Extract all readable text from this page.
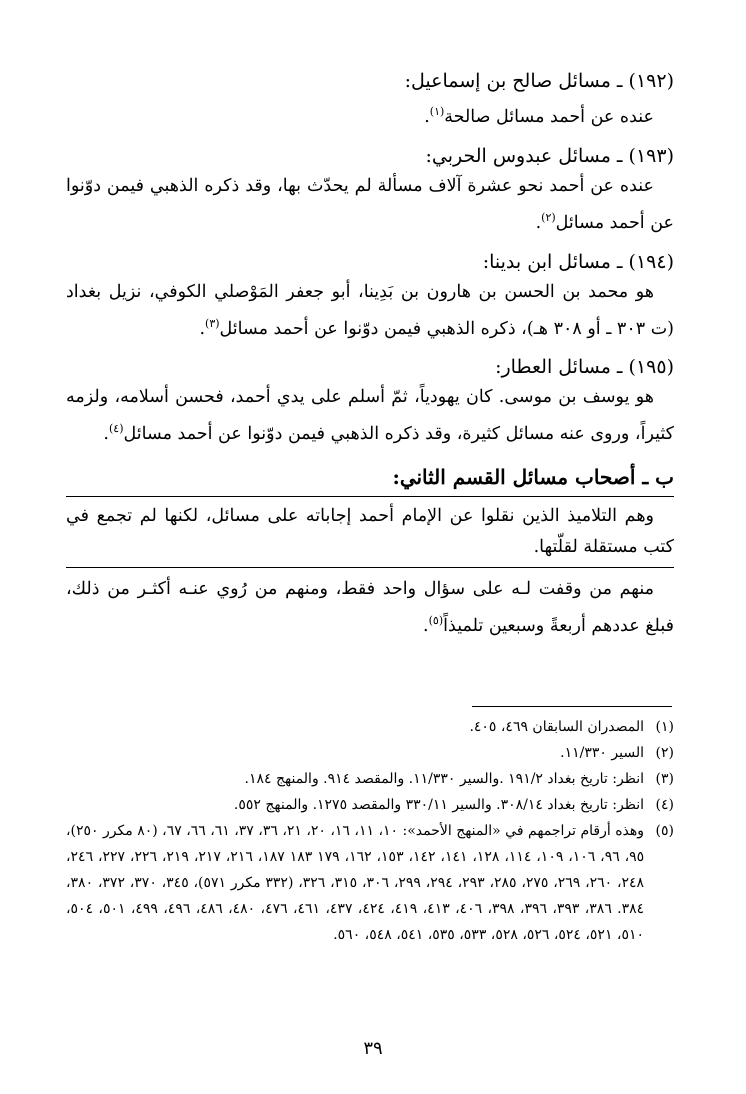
(١٩٢) ـ مسائل صالح بن إسماعيل:
عنده عن أحمد مسائل صالحة$^{(١)}$.
(١٩٣) ـ مسائل عبدوس الحربي:
عنده عن أحمد نحو عشرة آلاف مسألة لم يحدّث بها، وقد ذكره الذهبي فيمن دوّنوا عن أحمد مسائل$^{(٢)}$.
(١٩٤) ـ مسائل ابن بدينا:
هو محمد بن الحسن بن هارون بن بَدِينا، أبو جعفر المَوْصلي الكوفي، نزيل بغداد (ت ٣٠٣ ـ أو ٣٠٨ هـ)، ذكره الذهبي فيمن دوّنوا عن أحمد مسائل$^{(٣)}$.
(١٩٥) ـ مسائل العطار:
هو يوسف بن موسى. كان يهودياً، ثمّ أسلم على يدي أحمد، فحسن أسلامه، ولزمه كثيراً، وروى عنه مسائل كثيرة، وقد ذكره الذهبي فيمن دوّنوا عن أحمد مسائل$^{(٤)}$.
ب ـ أصحاب مسائل القسم الثاني:
وهم التلاميذ الذين نقلوا عن الإمام أحمد إجاباته على مسائل، لكنها لم تجمع في كتب مستقلة لقلّتها.
منهم من وقفت لـه على سؤال واحد فقط، ومنهم من رُوي عنـه أكثـر من ذلك، فبلغ عددهم أربعةً وسبعين تلميذاً$^{(٥)}$.
(١)
المصدران السابقان ٤٦٩، ٤٠٥.
(٢)
السير ١١/٣٣٠.
(٣)
انظر: تاريخ بغداد ١٩١/٢ .والسير ١١/٣٣٠. والمقصد ٩١٤. والمنهج ١٨٤.
(٤)
انظر: تاريخ بغداد ٣٠٨/١٤. والسير ٣٣٠/١١ والمقصد ١٢٧٥. والمنهج ٥٥٢.
(٥)
وهذه أرقام تراجمهم في «المنهج الأحمد»: ١٠، ١١، ١٦، ٢٠، ٢١، ٣٦، ٣٧، ٦١، ٦٦، ٦٧، (٨٠ مكرر ٢٥٠)، ٩٥، ٩٦، ١٠٦، ١٠٩، ١١٤، ١٢٨، ١٤١، ١٤٢، ١٥٣، ١٦٢، ١٧٩ ١٨٣ ١٨٧، ٢١٦، ٢١٧، ٢١٩، ٢٢٦، ٢٢٧، ٢٤٦، ٢٤٨، ٢٦٠، ٢٦٩، ٢٧٥، ٢٨٥، ٢٩٣، ٢٩٤، ٢٩٩، ٣٠٦، ٣١٥، ٣٢٦، (٣٣٢ مكرر ٥٧١)، ٣٤٥، ٣٧٠، ٣٧٢، ٣٨٠، ٣٨٤. ٣٨٦، ٣٩٣، ٣٩٦، ٣٩٨، ٤٠٦، ٤١٣، ٤١٩، ٤٢٤، ٤٣٧، ٤٦١، ٤٧٦، ٤٨٠، ٤٨٦، ٤٩٦، ٤٩٩، ٥٠١، ٥٠٤، ٥١٠، ٥٢١، ٥٢٤، ٥٢٦، ٥٢٨، ٥٣٣، ٥٣٥، ٥٤١، ٥٤٨، ٥٦٠.
٣٩
